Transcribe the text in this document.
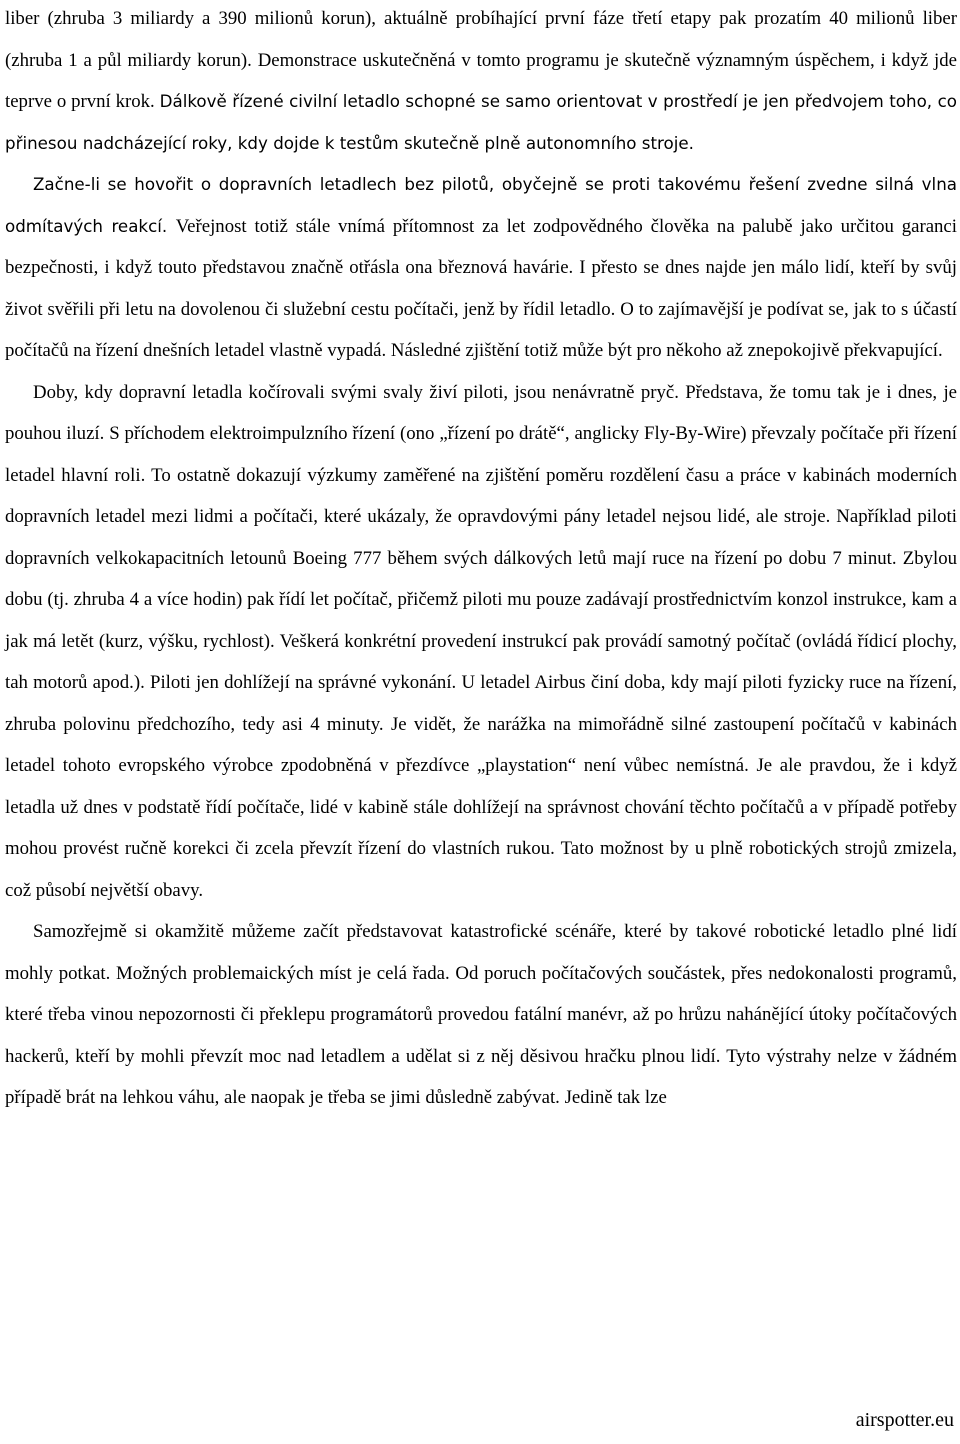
liber (zhruba 3 miliardy a 390 milionů korun), aktuálně probíhající první fáze třetí etapy pak prozatím 40 milionů liber (zhruba 1 a půl miliardy korun). Demonstrace uskutečněná v tomto programu je skutečně významným úspěchem, i když jde teprve o první krok. Dálkově řízené civilní letadlo schopné se samo orientovat v prostředí je jen předvojem toho, co přinesou nadcházející roky, kdy dojde k testům skutečně plně autonomního stroje.

Začne-li se hovořit o dopravních letadlech bez pilotů, obyčejně se proti takovému řešení zvedne silná vlna odmítavých reakcí. Veřejnost totiž stále vnímá přítomnost za let zodpovědného člověka na palubě jako určitou garanci bezpečnosti, i když touto představou značně otřásla ona březnová havárie. I přesto se dnes najde jen málo lidí, kteří by svůj život svěřili při letu na dovolenou či služební cestu počítači, jenž by řídil letadlo. O to zajímavější je podívat se, jak to s účastí počítačů na řízení dnešních letadel vlastně vypadá. Následné zjištění totiž může být pro někoho až znepokojivě překvapující.

Doby, kdy dopravní letadla kočírovali svými svaly živí piloti, jsou nenávratně pryč. Představa, že tomu tak je i dnes, je pouhou iluzí. S příchodem elektroimpulzního řízení (ono „řízení po drátě“, anglicky Fly-By-Wire) převzaly počítače při řízení letadel hlavní roli. To ostatně dokazují výzkumy zaměřené na zjištění poměru rozdělení času a práce v kabinách moderních dopravních letadel mezi lidmi a počítači, které ukázaly, že opravdovými pány letadel nejsou lidé, ale stroje. Například piloti dopravních velkokapacitních letounů Boeing 777 během svých dálkových letů mají ruce na řízení po dobu 7 minut. Zbylou dobu (tj. zhruba 4 a více hodin) pak řídí let počítač, přičemž piloti mu pouze zadávají prostřednictvím konzol instrukce, kam a jak má letět (kurz, výšku, rychlost). Veškerá konkrétní provedení instrukcí pak provádí samotný počítač (ovládá řídicí plochy, tah motorů apod.). Piloti jen dohlížejí na správné vykonání. U letadel Airbus činí doba, kdy mají piloti fyzicky ruce na řízení, zhruba polovinu předchozího, tedy asi 4 minuty. Je vidět, že narážka na mimořádně silné zastoupení počítačů v kabinách letadel tohoto evropského výrobce zpodobněná v přezdívce „playstation“ není vůbec nemístná. Je ale pravdou, že i když letadla už dnes v podstatě řídí počítače, lidé v kabině stále dohlížejí na správnost chování těchto počítačů a v případě potřeby mohou provést ručně korekci či zcela převzít řízení do vlastních rukou. Tato možnost by u plně robotických strojů zmizela, což působí největší obavy.

Samozřejmě si okamžitě můžeme začít představovat katastrofické scénáře, které by takové robotické letadlo plné lidí mohly potkat. Možných problemaických míst je celá řada. Od poruch počítačových součástek, přes nedokonalosti programů, které třeba vinou nepozornosti či překlepu programátorů provedou fatální manévr, až po hrůzu nahánějící útoky počítačových hackerů, kteří by mohli převzít moc nad letadlem a udělat si z něj děsivou hračku plnou lidí. Tyto výstrahy nelze v žádném případě brát na lehkou váhu, ale naopak je třeba se jimi důsledně zabývat. Jedině tak lze

airspotter.eu
